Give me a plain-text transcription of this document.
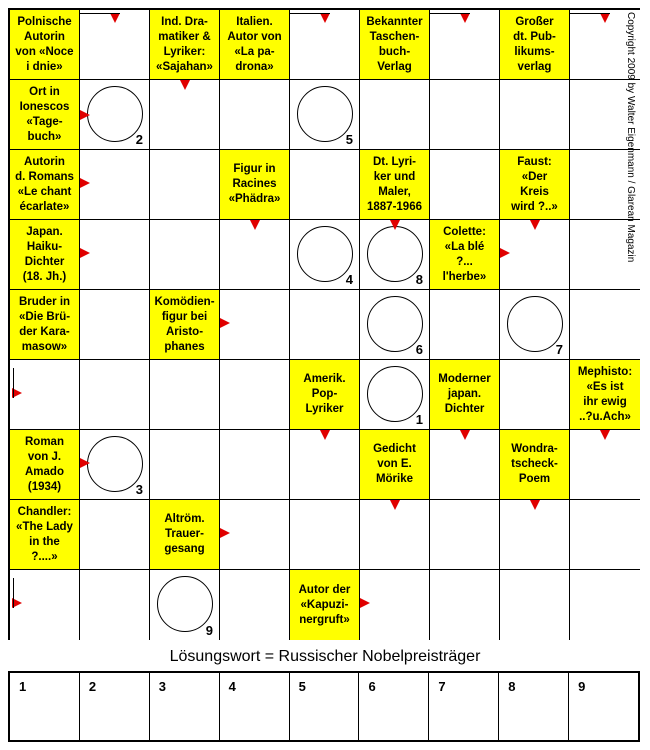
Polnische
Autorin
von «Noce
i dnie»
Ind. Dra-
matiker &
Lyriker:
«Sajahan»
Italien.
Autor von
«La pa-
drona»
Bekannter
Taschen-
buch-
Verlag
Großer
dt. Pub-
likums-
verlag
Ort in
Ionescos
«Tage-
buch»	2	5
Autorin
d. Romans
«Le chant
écarlate»
Figur in
Racines
«Phädra»
Dt. Lyri-
ker und
Maler,
1887-1966
Faust:
«Der
Kreis
wird ?..»
Japan.
Haiku-
Dichter
(18. Jh.)	4	8
Colette:
«La blé
?...
l'herbe»
Bruder in
«Die Brü-
der Kara-
masow»
Komödien-
figur bei
Aristo-
phanes	6	7
Amerik.
Pop-
Lyriker
1
Moderner
japan.
Dichter
Mephisto:
«Es ist
ihr ewig
..?u.Ach»
Roman
von J.
Amado
(1934)	3
Gedicht
von E.
Mörike
Wondra-
tscheck-
Poem
Chandler:
«The Lady
in the
?....»
Altröm.
Trauer-
gesang
9
Autor der
«Kapuzi-
nergruft»
Copyright 2009 by Walter Eigenmann / Glarean Magazin
Lösungswort = Russischer Nobelpreisträger
1	2	3	4	5	6	7	8	9
